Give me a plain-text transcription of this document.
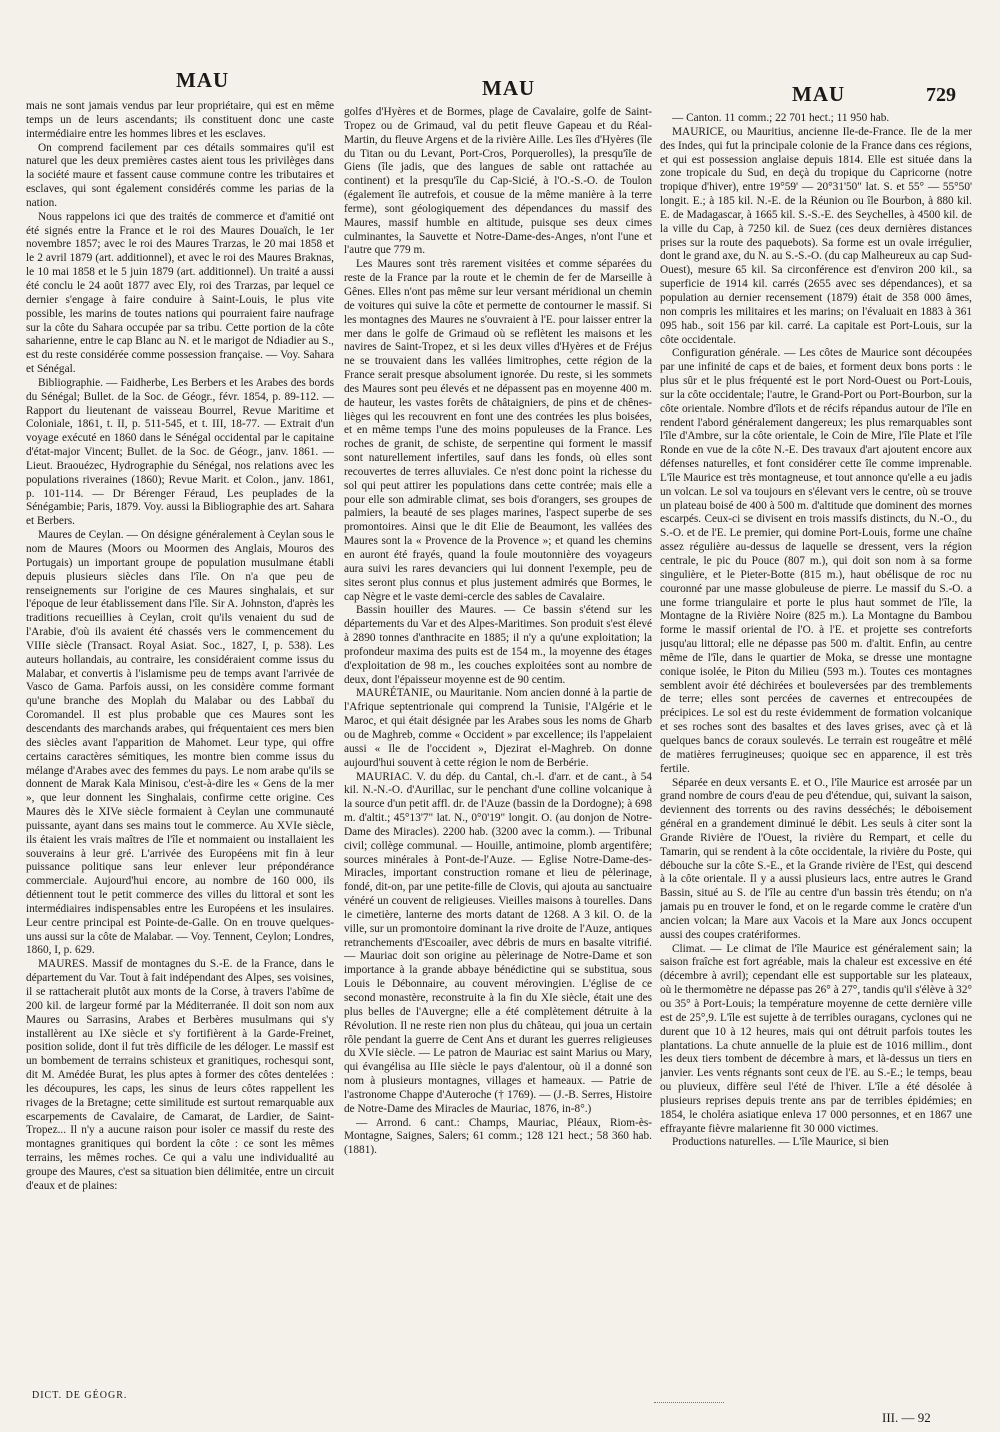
MAU	MAU	MAU	729

mais ne sont jamais vendus par leur propriétaire, qui est en même temps un de leurs ascendants; ils constituent donc une caste intermédiaire entre les hommes libres et les esclaves.

On comprend facilement par ces détails sommaires qu'il est naturel que les deux premières castes aient tous les privilèges dans la société maure et fassent cause commune contre les tributaires et esclaves, qui sont également considérés comme les parias de la nation.

Nous rappelons ici que des traités de commerce et d'amitié ont été signés entre la France et le roi des Maures Douaïch, le 1er novembre 1857; avec le roi des Maures Trarzas, le 20 mai 1858 et le 2 avril 1879 (art. additionnel), et avec le roi des Maures Braknas, le 10 mai 1858 et le 5 juin 1879 (art. additionnel). Un traité a aussi été conclu le 24 août 1877 avec Ely, roi des Trarzas, par lequel ce dernier s'engage à faire conduire à Saint-Louis, le plus vite possible, les marins de toutes nations qui pourraient faire naufrage sur la côte du Sahara occupée par sa tribu. Cette portion de la côte saharienne, entre le cap Blanc au N. et le marigot de Ndiadier au S., est du reste considérée comme possession française. — Voy. Sahara et Sénégal.

Bibliographie. — Faidherbe, Les Berbers et les Arabes des bords du Sénégal; Bullet. de la Soc. de Géogr., févr. 1854, p. 89-112. — Rapport du lieutenant de vaisseau Bourrel, Revue Maritime et Coloniale, 1861, t. II, p. 511-545, et t. III, 18-77. — Extrait d'un voyage exécuté en 1860 dans le Sénégal occidental par le capitaine d'état-major Vincent; Bullet. de la Soc. de Géogr., janv. 1861. — Lieut. Braouézec, Hydrographie du Sénégal, nos relations avec les populations riveraines (1860); Revue Marit. et Colon., janv. 1861, p. 101-114. — Dr Bérenger Féraud, Les peuplades de la Sénégambie; Paris, 1879. Voy. aussi la Bibliographie des art. Sahara et Berbers.

Maures de Ceylan. — On désigne généralement à Ceylan sous le nom de Maures (Moors ou Moormen des Anglais, Mouros des Portugais) un important groupe de population musulmane établi depuis plusieurs siècles dans l'île. On n'a que peu de renseignements sur l'origine de ces Maures singhalais, et sur l'époque de leur établissement dans l'île. Sir A. Johnston, d'après les traditions recueillies à Ceylan, croit qu'ils venaient du sud de l'Arabie, d'où ils avaient été chassés vers le commencement du VIIIe siècle (Transact. Royal Asiat. Soc., 1827, I, p. 538). Les auteurs hollandais, au contraire, les considéraient comme issus du Malabar, et convertis à l'islamisme peu de temps avant l'arrivée de Vasco de Gama. Parfois aussi, on les considère comme formant qu'une branche des Moplah du Malabar ou des Labbaï du Coromandel. Il est plus probable que ces Maures sont les descendants des marchands arabes, qui fréquentaient ces mers bien des siècles avant l'apparition de Mahomet. Leur type, qui offre certains caractères sémitiques, les montre bien comme issus du mélange d'Arabes avec des femmes du pays. Le nom arabe qu'ils se donnent de Marak Kala Minisou, c'est-à-dire les « Gens de la mer », que leur donnent les Singhalais, confirme cette origine. Ces Maures dès le XIVe siècle formaient à Ceylan une communauté puissante, ayant dans ses mains tout le commerce. Au XVIe siècle, ils étaient les vrais maîtres de l'île et nommaient ou installaient les souverains à leur gré. L'arrivée des Européens mit fin à leur puissance politique sans leur enlever leur prépondérance commerciale. Aujourd'hui encore, au nombre de 160 000, ils détiennent tout le petit commerce des villes du littoral et sont les intermédiaires indispensables entre les Européens et les insulaires. Leur centre principal est Pointe-de-Galle. On en trouve quelques-uns aussi sur la côte de Malabar. — Voy. Tennent, Ceylon; Londres, 1860, I, p. 629.

MAURES. Massif de montagnes du S.-E. de la France, dans le département du Var. Tout à fait indépendant des Alpes, ses voisines, il se rattacherait plutôt aux monts de la Corse, à travers l'abîme de 200 kil. de largeur formé par la Méditerranée. Il doit son nom aux Maures ou Sarrasins, Arabes et Berbères musulmans qui s'y installèrent au IXe siècle et s'y fortifièrent à la Garde-Freinet, position solide, dont il fut très difficile de les déloger. Le massif est un bombement de terrains schisteux et granitiques, rochesqui sont, dit M. Amédée Burat, les plus aptes à former des côtes dentelées : les découpures, les caps, les sinus de leurs côtes rappellent les rivages de la Bretagne; cette similitude est surtout remarquable aux escarpements de Cavalaire, de Camarat, de Lardier, de Saint-Tropez... Il n'y a aucune raison pour isoler ce massif du reste des montagnes granitiques qui bordent la côte : ce sont les mêmes terrains, les mêmes roches. Ce qui a valu une individualité au groupe des Maures, c'est sa situation bien délimitée, entre un circuit d'eaux et de plaines:

golfes d'Hyères et de Bormes, plage de Cavalaire, golfe de Saint-Tropez ou de Grimaud, val du petit fleuve Gapeau et du Réal-Martin, du fleuve Argens et de la rivière Aille. Les îles d'Hyères (île du Titan ou du Levant, Port-Cros, Porquerolles), la presqu'île de Giens (île jadis, que des langues de sable ont rattachée au continent) et la presqu'île du Cap-Sicié, à l'O.-S.-O. de Toulon (également île autrefois, et cousue de la même manière à la terre ferme), sont géologiquement des dépendances du massif des Maures, massif humble en altitude, puisque ses deux cimes culminantes, la Sauvette et Notre-Dame-des-Anges, n'ont l'une et l'autre que 779 m.

Les Maures sont très rarement visitées et comme séparées du reste de la France par la route et le chemin de fer de Marseille à Gênes. Elles n'ont pas même sur leur versant méridional un chemin de voitures qui suive la côte et permette de contourner le massif. Si les montagnes des Maures ne s'ouvraient à l'E. pour laisser entrer la mer dans le golfe de Grimaud où se reflètent les maisons et les navires de Saint-Tropez, et si les deux villes d'Hyères et de Fréjus ne se trouvaient dans les vallées limitrophes, cette région de la France serait presque absolument ignorée. Du reste, si les sommets des Maures sont peu élevés et ne dépassent pas en moyenne 400 m. de hauteur, les vastes forêts de châtaigniers, de pins et de chênes-lièges qui les recouvrent en font une des contrées les plus boisées, et en même temps l'une des moins populeuses de la France. Les roches de granit, de schiste, de serpentine qui forment le massif sont naturellement infertiles, sauf dans les fonds, où elles sont recouvertes de terres alluviales. Ce n'est donc point la richesse du sol qui peut attirer les populations dans cette contrée; mais elle a pour elle son admirable climat, ses bois d'orangers, ses groupes de palmiers, la beauté de ses plages marines, l'aspect superbe de ses promontoires. Ainsi que le dit Elie de Beaumont, les vallées des Maures sont la « Provence de la Provence »; et quand les chemins en auront été frayés, quand la foule moutonnière des voyageurs aura suivi les rares devanciers qui lui donnent l'exemple, peu de sites seront plus connus et plus justement admirés que Bormes, le cap Nègre et le vaste demi-cercle des sables de Cavalaire.

Bassin houiller des Maures. — Ce bassin s'étend sur les départements du Var et des Alpes-Maritimes. Son produit s'est élevé à 2890 tonnes d'anthracite en 1885; il n'y a qu'une exploitation; la profondeur maxima des puits est de 154 m., la moyenne des étages d'exploitation de 98 m., les couches exploitées sont au nombre de deux, dont l'épaisseur moyenne est de 90 centim.

MAURÉTANIE, ou Mauritanie. Nom ancien donné à la partie de l'Afrique septentrionale qui comprend la Tunisie, l'Algérie et le Maroc, et qui était désignée par les Arabes sous les noms de Gharb ou de Maghreb, comme « Occident » par excellence; ils l'appelaient aussi « Ile de l'occident », Djezirat el-Maghreb. On donne aujourd'hui souvent à cette région le nom de Berbérie.

MAURIAC. V. du dép. du Cantal, ch.-l. d'arr. et de cant., à 54 kil. N.-N.-O. d'Aurillac, sur le penchant d'une colline volcanique à la source d'un petit affl. dr. de l'Auze (bassin de la Dordogne); à 698 m. d'altit.; 45°13'7" lat. N., 0°0'19" longit. O. (au donjon de Notre-Dame des Miracles). 2200 hab. (3200 avec la comm.). — Tribunal civil; collège communal. — Houille, antimoine, plomb argentifère; sources minérales à Pont-de-l'Auze. — Eglise Notre-Dame-des-Miracles, important construction romane et lieu de pèlerinage, fondé, dit-on, par une petite-fille de Clovis, qui ajouta au sanctuaire vénéré un couvent de religieuses. Vieilles maisons à tourelles. Dans le cimetière, lanterne des morts datant de 1268. A 3 kil. O. de la ville, sur un promontoire dominant la rive droite de l'Auze, antiques retranchements d'Escoailer, avec débris de murs en basalte vitrifié. — Mauriac doit son origine au pèlerinage de Notre-Dame et son importance à la grande abbaye bénédictine qui se substitua, sous Louis le Débonnaire, au couvent mérovingien. L'église de ce second monastère, reconstruite à la fin du XIe siècle, était une des plus belles de l'Auvergne; elle a été complètement détruite à la Révolution. Il ne reste rien non plus du château, qui joua un certain rôle pendant la guerre de Cent Ans et durant les guerres religieuses du XVIe siècle. — Le patron de Mauriac est saint Marius ou Mary, qui évangélisa au IIIe siècle le pays d'alentour, où il a donné son nom à plusieurs montagnes, villages et hameaux. — Patrie de l'astronome Chappe d'Auteroche († 1769). — (J.-B. Serres, Histoire de Notre-Dame des Miracles de Mauriac, 1876, in-8°.)

— Arrond. 6 cant.: Champs, Mauriac, Pléaux, Riom-ès-Montagne, Saignes, Salers; 61 comm.; 128 121 hect.; 58 360 hab. (1881).

— Canton. 11 comm.; 22 701 hect.; 11 950 hab.

MAURICE, ou Mauritius, ancienne Ile-de-France. Ile de la mer des Indes, qui fut la principale colonie de la France dans ces régions, et qui est possession anglaise depuis 1814. Elle est située dans la zone tropicale du Sud, en deçà du tropique du Capricorne (notre tropique d'hiver), entre 19°59' — 20°31'50" lat. S. et 55° — 55°50' longit. E.; à 185 kil. N.-E. de la Réunion ou île Bourbon, à 880 kil. E. de Madagascar, à 1665 kil. S.-S.-E. des Seychelles, à 4500 kil. de la ville du Cap, à 7250 kil. de Suez (ces deux dernières distances prises sur la route des paquebots). Sa forme est un ovale irrégulier, dont le grand axe, du N. au S.-S.-O. (du cap Malheureux au cap Sud-Ouest), mesure 65 kil. Sa circonférence est d'environ 200 kil., sa superficie de 1914 kil. carrés (2655 avec ses dépendances), et sa population au dernier recensement (1879) était de 358 000 âmes, non compris les militaires et les marins; on l'évaluait en 1883 à 361 095 hab., soit 156 par kil. carré. La capitale est Port-Louis, sur la côte occidentale.

Configuration générale. — Les côtes de Maurice sont découpées par une infinité de caps et de baies, et forment deux bons ports : le plus sûr et le plus fréquenté est le port Nord-Ouest ou Port-Louis, sur la côte occidentale; l'autre, le Grand-Port ou Port-Bourbon, sur la côte orientale. Nombre d'îlots et de récifs répandus autour de l'île en rendent l'abord généralement dangereux; les plus remarquables sont l'île d'Ambre, sur la côte orientale, le Coin de Mire, l'île Plate et l'île Ronde en vue de la côte N.-E. Des travaux d'art ajoutent encore aux défenses naturelles, et font considérer cette île comme imprenable. L'île Maurice est très montagneuse, et tout annonce qu'elle a eu jadis un volcan. Le sol va toujours en s'élevant vers le centre, où se trouve un plateau boisé de 400 à 500 m. d'altitude que dominent des mornes escarpés. Ceux-ci se divisent en trois massifs distincts, du N.-O., du S.-O. et de l'E. Le premier, qui domine Port-Louis, forme une chaîne assez régulière au-dessus de laquelle se dressent, vers la région centrale, le pic du Pouce (807 m.), qui doit son nom à sa forme singulière, et le Pieter-Botte (815 m.), haut obélisque de roc nu couronné par une masse globuleuse de pierre. Le massif du S.-O. a une forme triangulaire et porte le plus haut sommet de l'île, la Montagne de la Rivière Noire (825 m.). La Montagne du Bambou forme le massif oriental de l'O. à l'E. et projette ses contreforts jusqu'au littoral; elle ne dépasse pas 500 m. d'altit. Enfin, au centre même de l'île, dans le quartier de Moka, se dresse une montagne conique isolée, le Piton du Milieu (593 m.). Toutes ces montagnes semblent avoir été déchirées et bouleversées par des tremblements de terre; elles sont percées de cavernes et entrecoupées de précipices. Le sol est du reste évidemment de formation volcanique et ses roches sont des basaltes et des laves grises, avec çà et là quelques bancs de coraux soulevés. Le terrain est rougeâtre et mêlé de matières ferrugineuses; quoique sec en apparence, il est très fertile.

Séparée en deux versants E. et O., l'île Maurice est arrosée par un grand nombre de cours d'eau de peu d'étendue, qui, suivant la saison, deviennent des torrents ou des ravins desséchés; le déboisement général en a grandement diminué le débit. Les seuls à citer sont la Grande Rivière de l'Ouest, la rivière du Rempart, et celle du Tamarin, qui se rendent à la côte occidentale, la rivière du Poste, qui débouche sur la côte S.-E., et la Grande rivière de l'Est, qui descend à la côte orientale. Il y a aussi plusieurs lacs, entre autres le Grand Bassin, situé au S. de l'île au centre d'un bassin très étendu; on n'a jamais pu en trouver le fond, et on le regarde comme le cratère d'un ancien volcan; la Mare aux Vacois et la Mare aux Joncs occupent aussi des coupes cratériformes.

Climat. — Le climat de l'île Maurice est généralement sain; la saison fraîche est fort agréable, mais la chaleur est excessive en été (décembre à avril); cependant elle est supportable sur les plateaux, où le thermomètre ne dépasse pas 26° à 27°, tandis qu'il s'élève à 32° ou 35° à Port-Louis; la température moyenne de cette dernière ville est de 25°,9. L'île est sujette à de terribles ouragans, cyclones qui ne durent que 10 à 12 heures, mais qui ont détruit parfois toutes les plantations. La chute annuelle de la pluie est de 1016 millim., dont les deux tiers tombent de décembre à mars, et là-dessus un tiers en janvier. Les vents régnants sont ceux de l'E. au S.-E.; le temps, beau ou pluvieux, diffère seul l'été de l'hiver. L'île a été désolée à plusieurs reprises depuis trente ans par de terribles épidémies; en 1854, le choléra asiatique enleva 17 000 personnes, et en 1867 une effrayante fièvre malarienne fit 30 000 victimes.

Productions naturelles. — L'île Maurice, si bien

DICT. DE GÉOGR.
III. — 92
